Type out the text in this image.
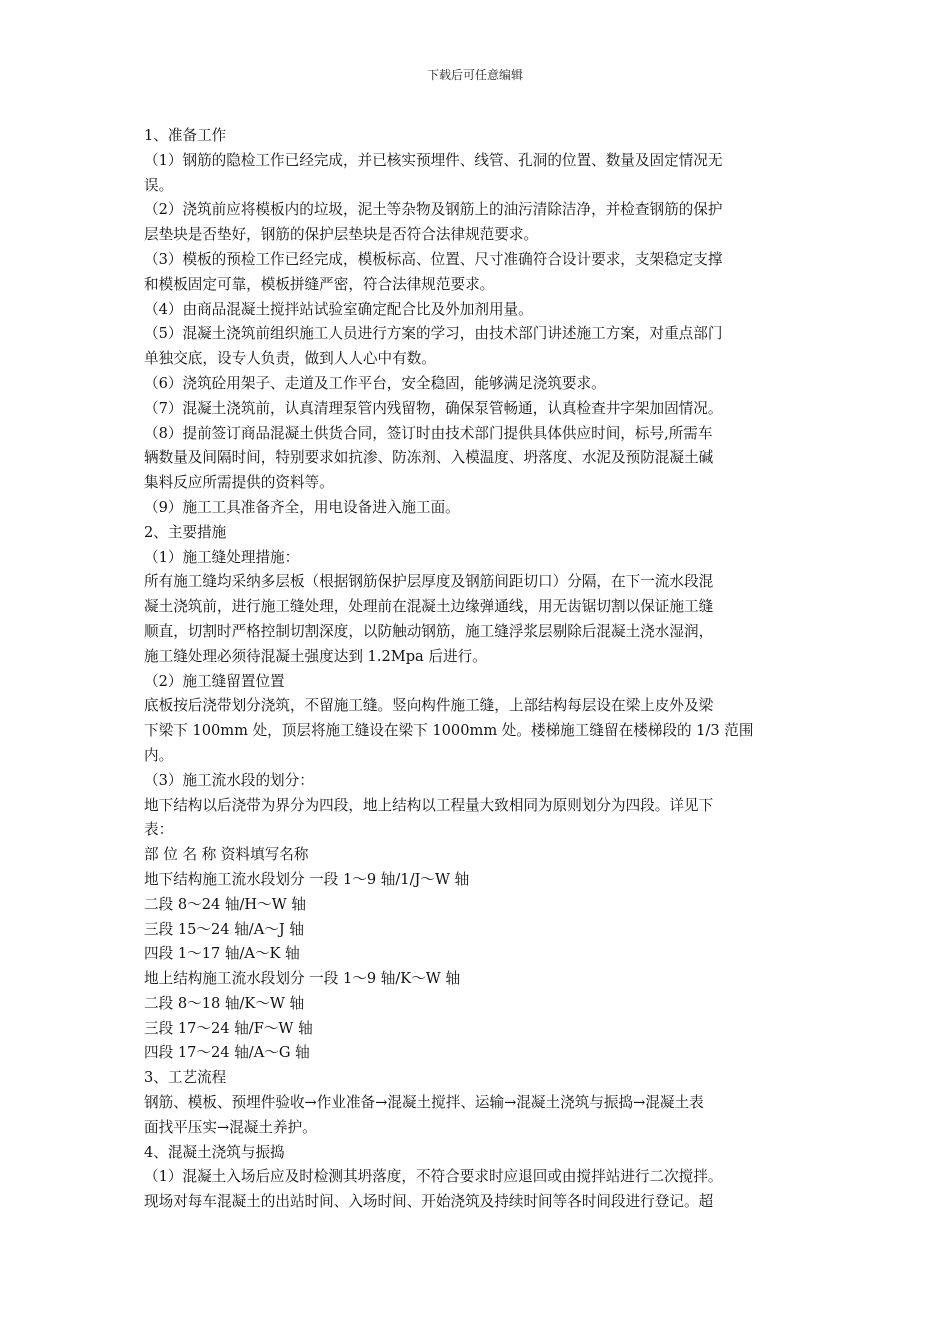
下载后可任意编辑
1、准备工作
（1）钢筋的隐检工作已经完成，并已核实预埋件、线管、孔洞的位置、数量及固定情况无
误。
（2）浇筑前应将模板内的垃圾，泥土等杂物及钢筋上的油污清除洁净，并检查钢筋的保护
层垫块是否垫好，钢筋的保护层垫块是否符合法律规范要求。
（3）模板的预检工作已经完成，模板标高、位置、尺寸准确符合设计要求，支架稳定支撑
和模板固定可靠，模板拼缝严密，符合法律规范要求。
（4）由商品混凝土搅拌站试验室确定配合比及外加剂用量。
（5）混凝土浇筑前组织施工人员进行方案的学习，由技术部门讲述施工方案，对重点部门
单独交底，设专人负责，做到人人心中有数。
（6）浇筑砼用架子、走道及工作平台，安全稳固，能够满足浇筑要求。
（7）混凝土浇筑前，认真清理泵管内残留物，确保泵管畅通，认真检查井字架加固情况。
（8）提前签订商品混凝土供货合同，签订时由技术部门提供具体供应时间，标号,所需车
辆数量及间隔时间，特别要求如抗渗、防冻剂、入模温度、坍落度、水泥及预防混凝土碱
集料反应所需提供的资料等。
（9）施工工具准备齐全，用电设备进入施工面。
2、主要措施
（1）施工缝处理措施：
所有施工缝均采纳多层板（根据钢筋保护层厚度及钢筋间距切口）分隔，在下一流水段混
凝土浇筑前，进行施工缝处理，处理前在混凝土边缘弹通线，用无齿锯切割以保证施工缝
顺直，切割时严格控制切割深度，以防触动钢筋，施工缝浮浆层剔除后混凝土浇水湿润，
施工缝处理必须待混凝土强度达到 1.2Mpa 后进行。
（2）施工缝留置位置
底板按后浇带划分浇筑，不留施工缝。竖向构件施工缝，上部结构每层设在梁上皮外及梁
下梁下 100mm 处，顶层将施工缝设在梁下 1000mm 处。楼梯施工缝留在楼梯段的 1/3 范围
内。
（3）施工流水段的划分：
地下结构以后浇带为界分为四段，地上结构以工程量大致相同为原则划分为四段。详见下
表：
部 位 名 称 资料填写名称
地下结构施工流水段划分 一段 1～9 轴/1/J～W 轴
二段 8～24 轴/H～W 轴
三段 15～24 轴/A～J 轴
四段 1～17 轴/A～K 轴
地上结构施工流水段划分 一段 1～9 轴/K～W 轴
二段 8～18 轴/K～W 轴
三段 17～24 轴/F～W 轴
四段 17～24 轴/A～G 轴
3、工艺流程
钢筋、模板、预埋件验收→作业准备→混凝土搅拌、运输→混凝土浇筑与振捣→混凝土表
面找平压实→混凝土养护。
4、混凝土浇筑与振捣
（1）混凝土入场后应及时检测其坍落度，不符合要求时应退回或由搅拌站进行二次搅拌。
现场对每车混凝土的出站时间、入场时间、开始浇筑及持续时间等各时间段进行登记。超
